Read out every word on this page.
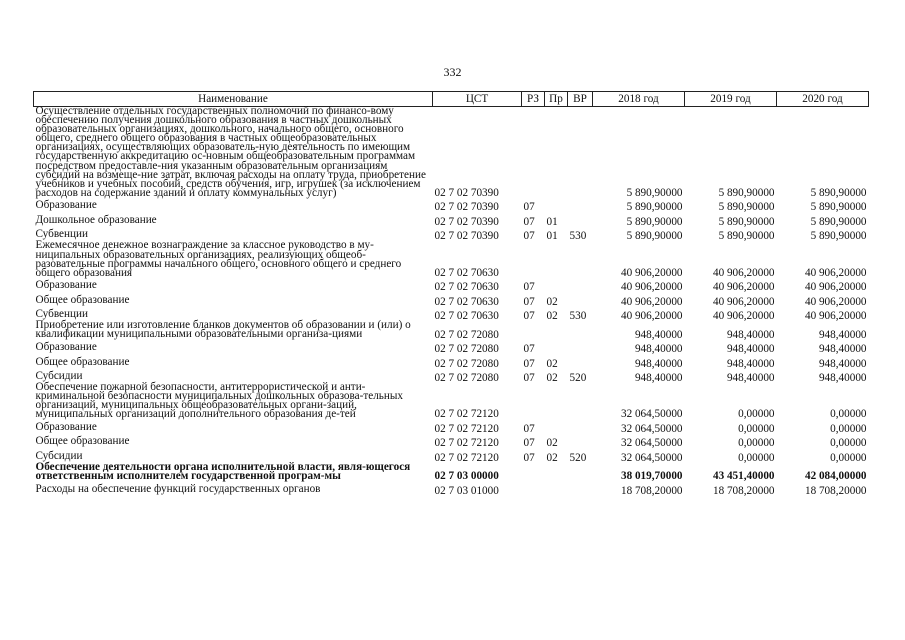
332
Наименование	ЦСТ	РЗ	Пр	ВР	2018 год	2019 год	2020 год
Осуществление отдельных государственных полномочий по финансо-вому обеспечению получения дошкольного образования в частных дошкольных образовательных организациях, дошкольного, начального общего, основного общего, среднего общего образования в частных общеобразовательных организациях, осуществляющих образователь-ную деятельность по имеющим государственную аккредитацию ос-новным общеобразовательным программам посредством предоставле-ния указанным образовательным организациям субсидий на возмеще-ние затрат, включая расходы на оплату труда, приобретение учебников и учебных пособий, средств обучения, игр, игрушек (за исключением расходов на содержание зданий и оплату коммунальных услуг)	02 7 02 70390				5 890,90000	5 890,90000	5 890,90000
Образование	02 7 02 70390	07			5 890,90000	5 890,90000	5 890,90000
Дошкольное образование	02 7 02 70390	07	01		5 890,90000	5 890,90000	5 890,90000
Субвенции	02 7 02 70390	07	01	530	5 890,90000	5 890,90000	5 890,90000
Ежемесячное денежное вознаграждение за классное руководство в му-ниципальных образовательных организациях, реализующих общеоб-разовательные программы начального общего, основного общего и среднего общего образования	02 7 02 70630				40 906,20000	40 906,20000	40 906,20000
Образование	02 7 02 70630	07			40 906,20000	40 906,20000	40 906,20000
Общее образование	02 7 02 70630	07	02		40 906,20000	40 906,20000	40 906,20000
Субвенции	02 7 02 70630	07	02	530	40 906,20000	40 906,20000	40 906,20000
Приобретение или изготовление бланков документов об образовании и (или) о квалификации муниципальными образовательными организа-циями	02 7 02 72080				948,40000	948,40000	948,40000
Образование	02 7 02 72080	07			948,40000	948,40000	948,40000
Общее образование	02 7 02 72080	07	02		948,40000	948,40000	948,40000
Субсидии	02 7 02 72080	07	02	520	948,40000	948,40000	948,40000
Обеспечение пожарной безопасности, антитеррористической и анти-криминальной безопасности муниципальных дошкольных образова-тельных организаций, муниципальных общеобразовательных органи-заций, муниципальных организаций дополнительного образования де-тей	02 7 02 72120				32 064,50000	0,00000	0,00000
Образование	02 7 02 72120	07			32 064,50000	0,00000	0,00000
Общее образование	02 7 02 72120	07	02		32 064,50000	0,00000	0,00000
Субсидии	02 7 02 72120	07	02	520	32 064,50000	0,00000	0,00000
Обеспечение деятельности органа исполнительной власти, явля-ющегося ответственным исполнителем государственной програм-мы	02 7 03 00000				38 019,70000	43 451,40000	42 084,00000
Расходы на обеспечение функций государственных органов	02 7 03 01000				18 708,20000	18 708,20000	18 708,20000
